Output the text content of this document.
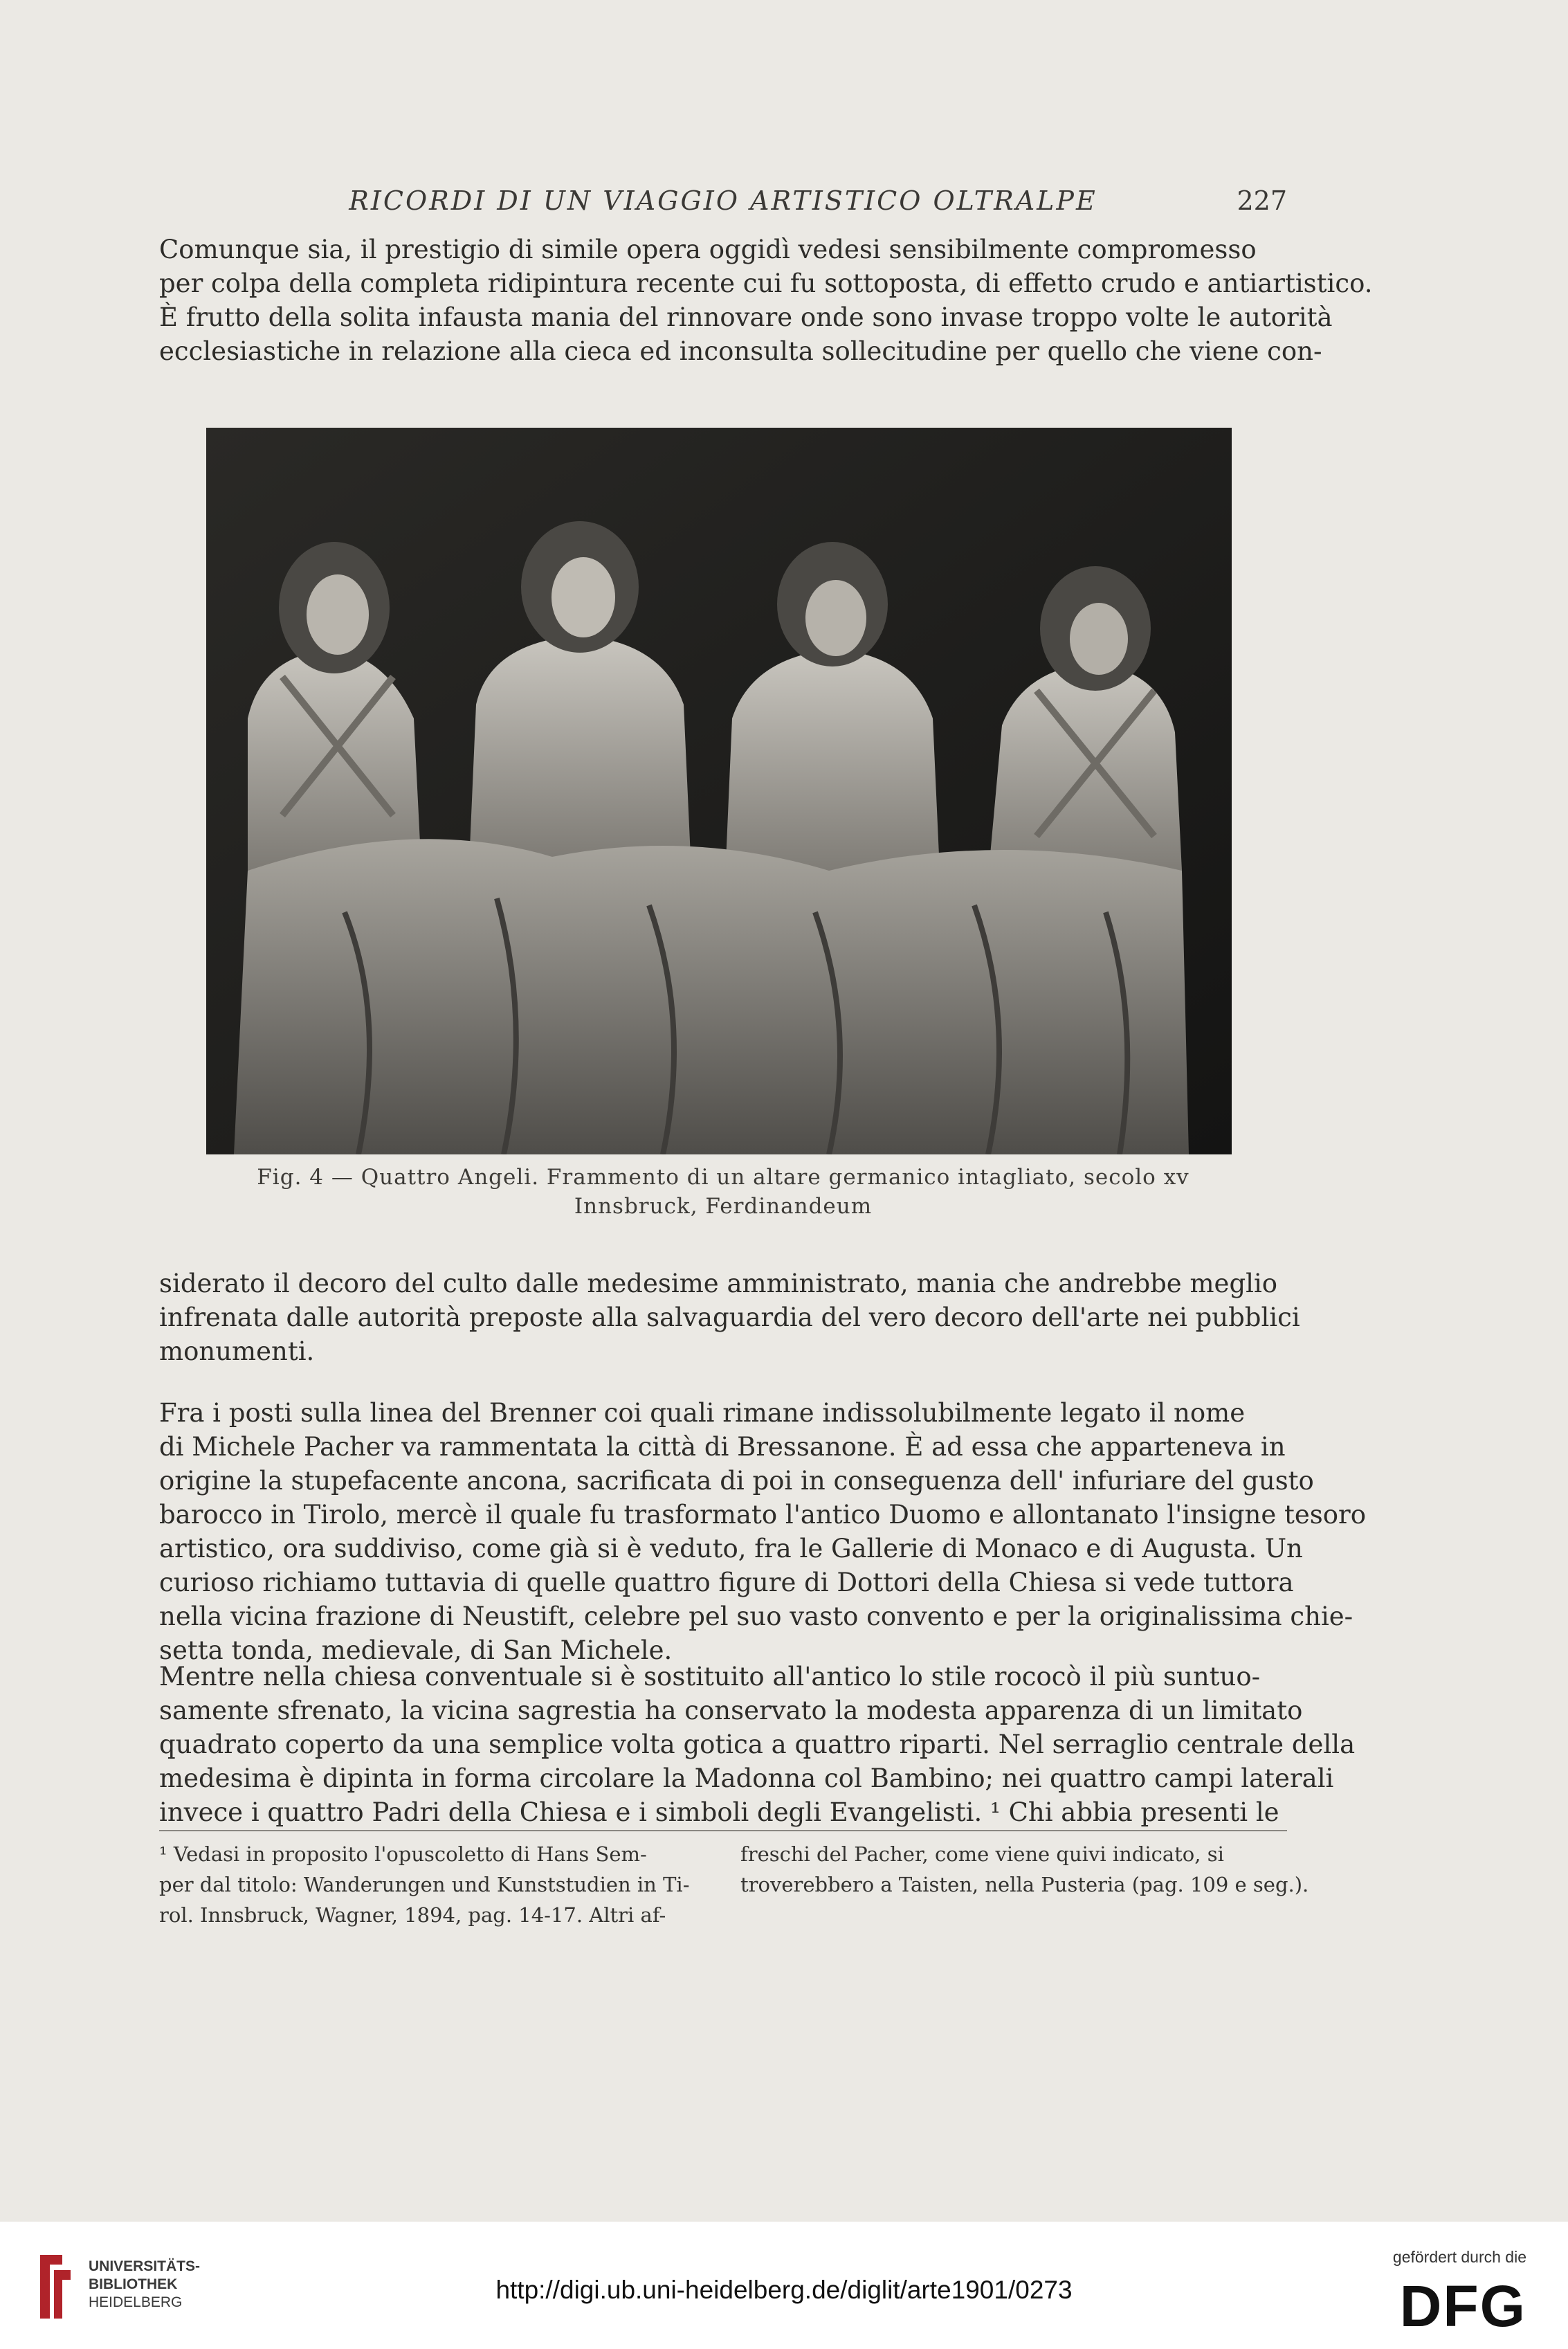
RICORDI DI UN VIAGGIO ARTISTICO OLTRALPE	227
Comunque sia, il prestigio di simile opera oggidì vedesi sensibilmente compromesso
per colpa della completa ridipintura recente cui fu sottoposta, di effetto crudo e antiartistico.
È frutto della solita infausta mania del rinnovare onde sono invase troppo volte le autorità
ecclesiastiche in relazione alla cieca ed inconsulta sollecitudine per quello che viene con-
Fig. 4 — Quattro Angeli. Frammento di un altare germanico intagliato, secolo xv
Innsbruck, Ferdinandeum
siderato il decoro del culto dalle medesime amministrato, mania che andrebbe meglio
infrenata dalle autorità preposte alla salvaguardia del vero decoro dell'arte nei pubblici
monumenti.
Fra i posti sulla linea del Brenner coi quali rimane indissolubilmente legato il nome
di Michele Pacher va rammentata la città di Bressanone. È ad essa che apparteneva in
origine la stupefacente ancona, sacrificata di poi in conseguenza dell' infuriare del gusto
barocco in Tirolo, mercè il quale fu trasformato l'antico Duomo e allontanato l'insigne tesoro
artistico, ora suddiviso, come già si è veduto, fra le Gallerie di Monaco e di Augusta. Un
curioso richiamo tuttavia di quelle quattro figure di Dottori della Chiesa si vede tuttora
nella vicina frazione di Neustift, celebre pel suo vasto convento e per la originalissima chie-
setta tonda, medievale, di San Michele.
Mentre nella chiesa conventuale si è sostituito all'antico lo stile rococò il più suntuo-
samente sfrenato, la vicina sagrestia ha conservato la modesta apparenza di un limitato
quadrato coperto da una semplice volta gotica a quattro riparti. Nel serraglio centrale della
medesima è dipinta in forma circolare la Madonna col Bambino; nei quattro campi laterali
invece i quattro Padri della Chiesa e i simboli degli Evangelisti. ¹ Chi abbia presenti le
¹ Vedasi in proposito l'opuscoletto di Hans Sem-
per dal titolo: Wanderungen und Kunststudien in Ti-
rol. Innsbruck, Wagner, 1894, pag. 14-17. Altri af-
freschi del Pacher, come viene quivi indicato, si
troverebbero a Taisten, nella Pusteria (pag. 109 e seg.).
UNIVERSITÄTS-
BIBLIOTHEK
HEIDELBERG	http://digi.ub.uni-heidelberg.de/diglit/arte1901/0273
gefördert durch die
DFG
